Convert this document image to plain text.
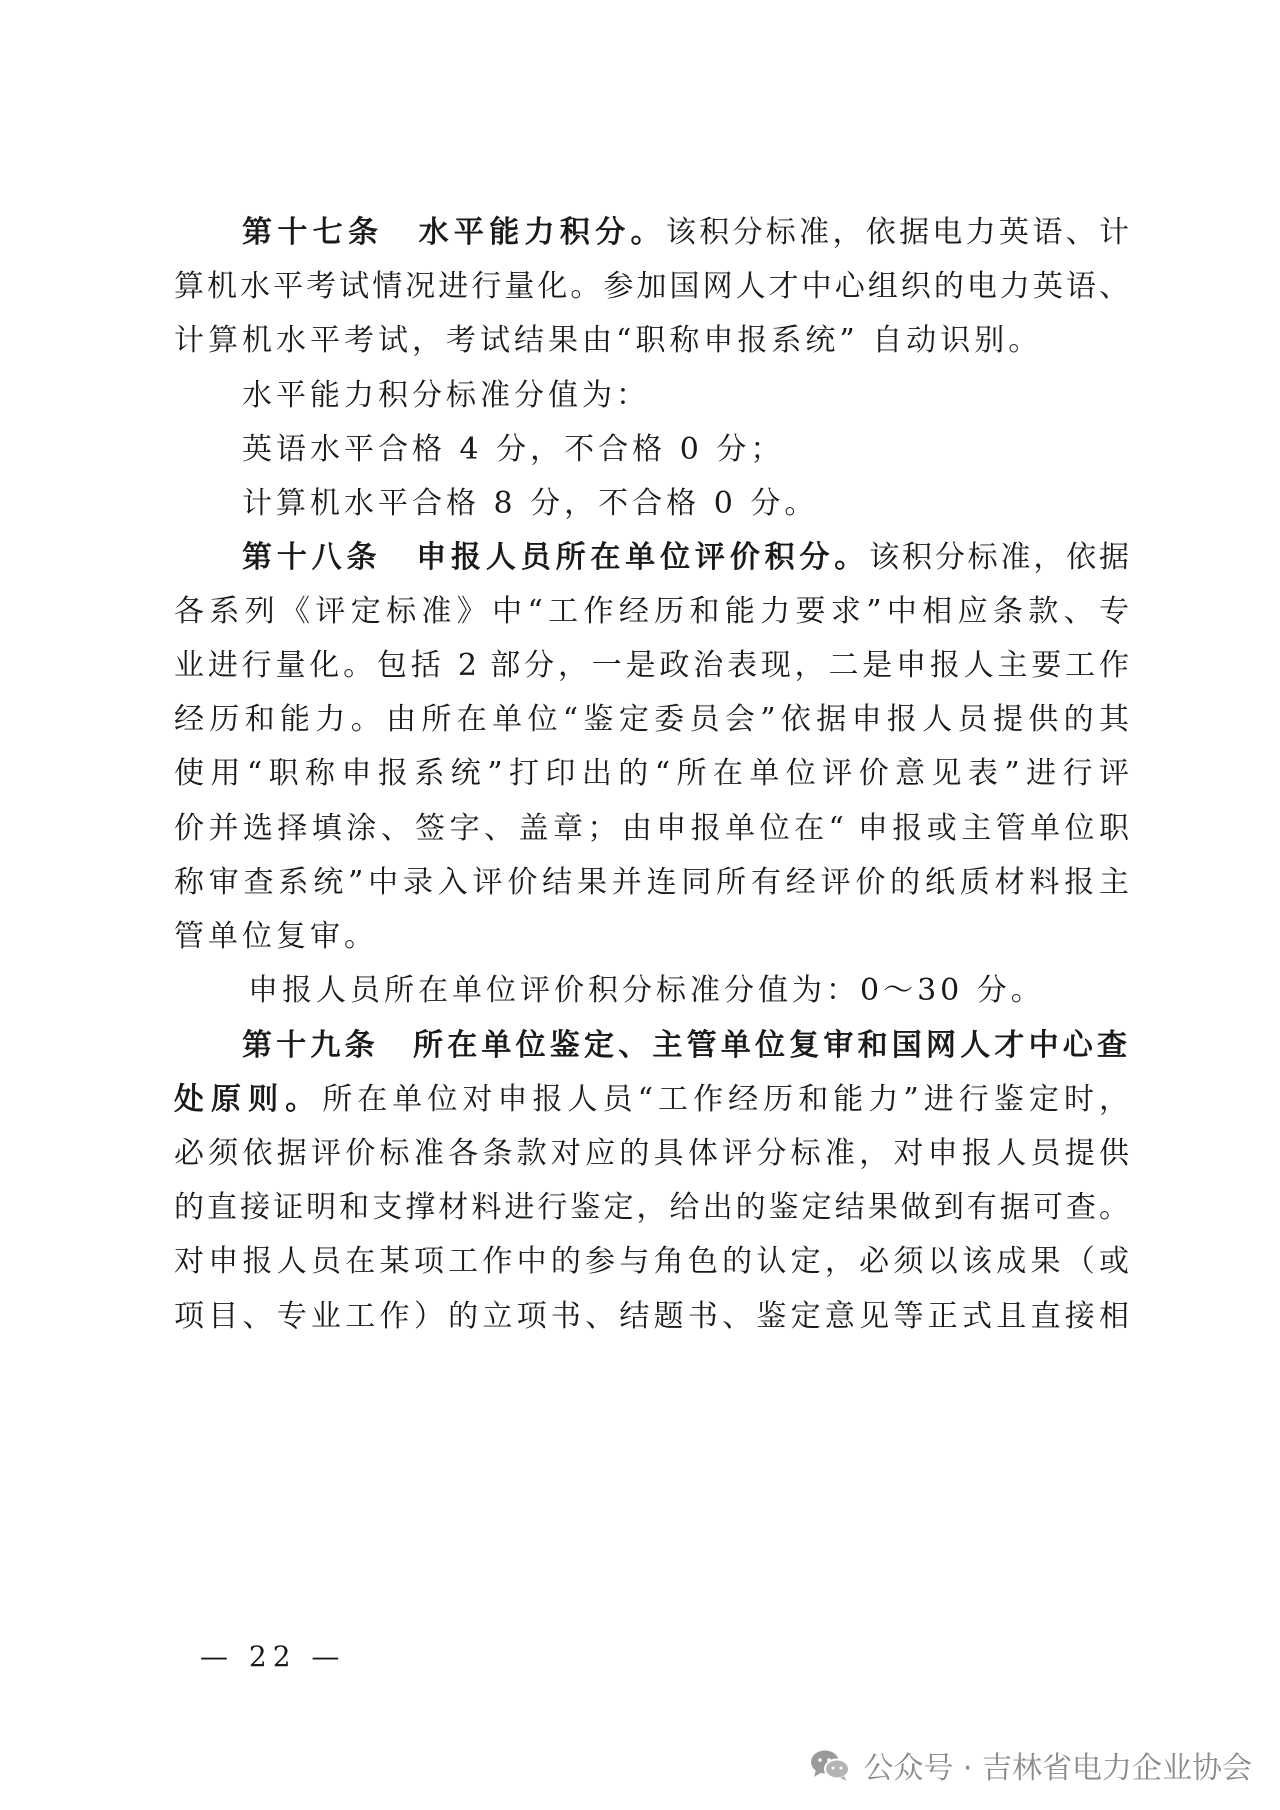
第十七条 水平能力积分。该积分标准，依据电力英语、计
算机水平考试情况进行量化。参加国网人才中心组织的电力英语、
计算机水平考试，考试结果由“职称申报系统” 自动识别。
水平能力积分标准分值为：
英语水平合格 4 分，不合格 0 分；
计算机水平合格 8 分，不合格 0 分。
第十八条 申报人员所在单位评价积分。该积分标准，依据
各系列《评定标准》中“工作经历和能力要求”中相应条款、专
业进行量化。包括 2 部分，一是政治表现，二是申报人主要工作
经历和能力。由所在单位“鉴定委员会”依据申报人员提供的其
使用“职称申报系统”打印出的“所在单位评价意见表”进行评
价并选择填涂、签字、盖章；由申报单位在“ 申报或主管单位职
称审查系统”中录入评价结果并连同所有经评价的纸质材料报主
管单位复审。
申报人员所在单位评价积分标准分值为：0～30 分。
第十九条 所在单位鉴定、主管单位复审和国网人才中心查
处原则。所在单位对申报人员“工作经历和能力”进行鉴定时，
必须依据评价标准各条款对应的具体评分标准，对申报人员提供
的直接证明和支撑材料进行鉴定，给出的鉴定结果做到有据可查。
对申报人员在某项工作中的参与角色的认定，必须以该成果（或
项目、专业工作）的立项书、结题书、鉴定意见等正式且直接相
— 22 —
公众号 · 吉林省电力企业协会
